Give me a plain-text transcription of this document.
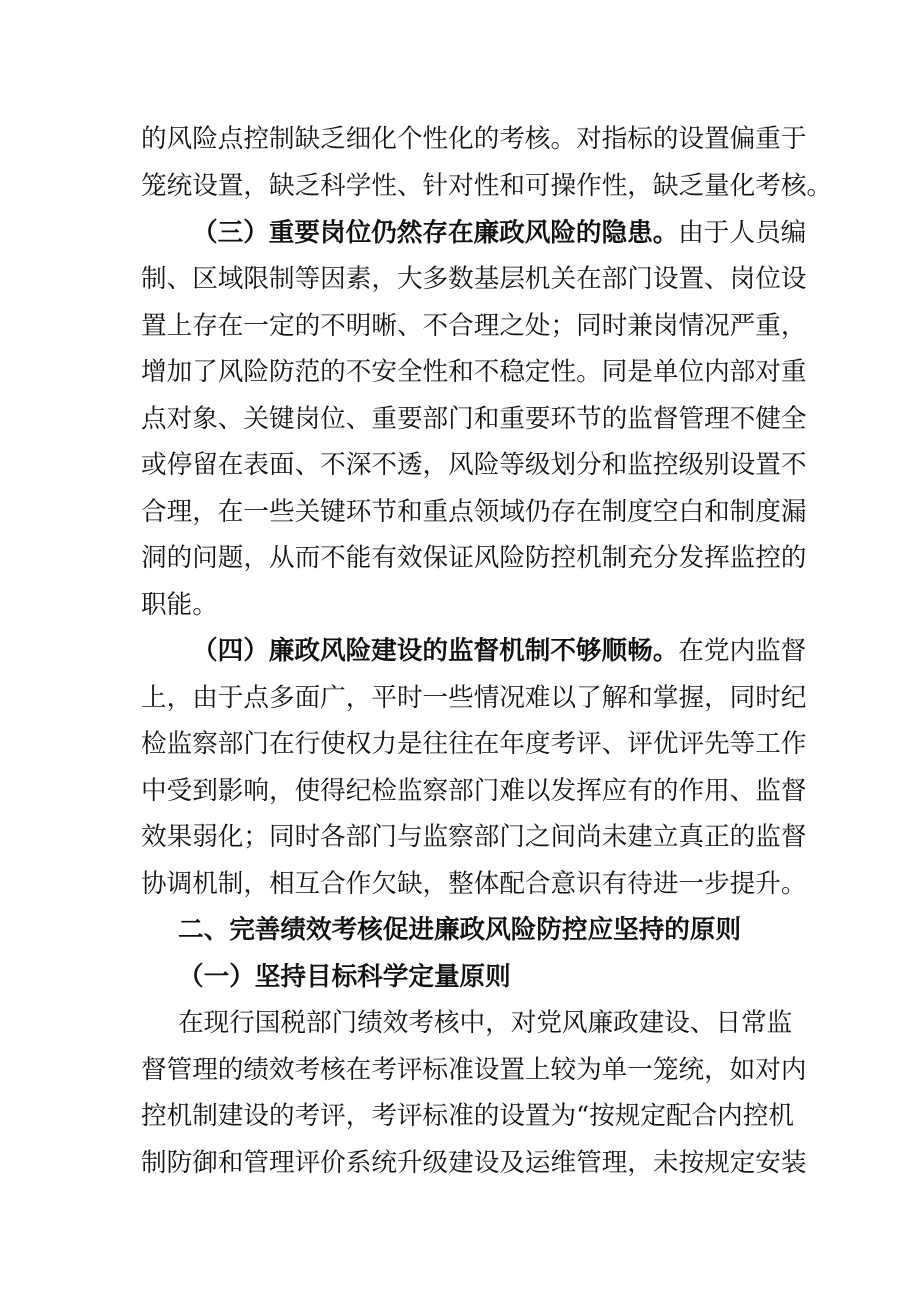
的风险点控制缺乏细化个性化的考核。对指标的设置偏重于
笼统设置，缺乏科学性、针对性和可操作性，缺乏量化考核。
（三）重要岗位仍然存在廉政风险的隐患。由于人员编
制、区域限制等因素，大多数基层机关在部门设置、岗位设
置上存在一定的不明晰、不合理之处；同时兼岗情况严重，
增加了风险防范的不安全性和不稳定性。同是单位内部对重
点对象、关键岗位、重要部门和重要环节的监督管理不健全
或停留在表面、不深不透，风险等级划分和监控级别设置不
合理，在一些关键环节和重点领域仍存在制度空白和制度漏
洞的问题，从而不能有效保证风险防控机制充分发挥监控的
职能。
（四）廉政风险建设的监督机制不够顺畅。在党内监督
上，由于点多面广，平时一些情况难以了解和掌握，同时纪
检监察部门在行使权力是往往在年度考评、评优评先等工作
中受到影响，使得纪检监察部门难以发挥应有的作用、监督
效果弱化；同时各部门与监察部门之间尚未建立真正的监督
协调机制，相互合作欠缺，整体配合意识有待进一步提升。
二、完善绩效考核促进廉政风险防控应坚持的原则
（一）坚持目标科学定量原则
在现行国税部门绩效考核中，对党风廉政建设、日常监
督管理的绩效考核在考评标准设置上较为单一笼统，如对内
控机制建设的考评，考评标准的设置为“按规定配合内控机
制防御和管理评价系统升级建设及运维管理，未按规定安装
